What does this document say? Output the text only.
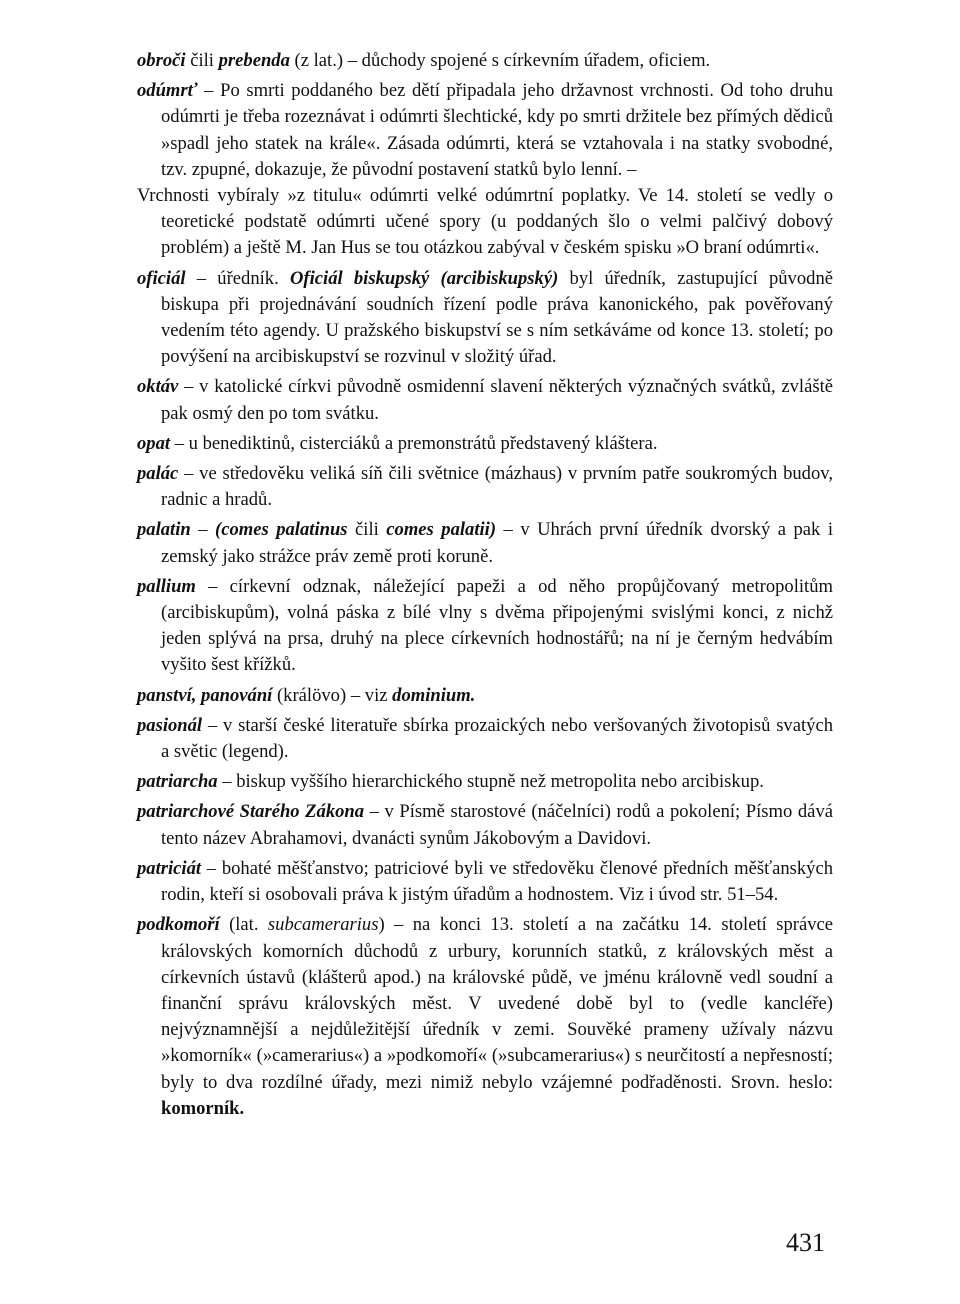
obroči čili prebenda (z lat.) – důchody spojené s církevním úřadem, oficiem.

odúmrť – Po smrti poddaného bez dětí připadala jeho državnost vrchnosti. Od toho druhu odúmrti je třeba rozeznávat i odúmrti šlechtické, kdy po smrti držitele bez přímých dědiců »spadl jeho statek na krále«. Zásada odúmrti, která se vztahovala i na statky svobodné, tzv. zpupné, dokazuje, že původní postavení statků bylo lenní. –

Vrchnosti vybíraly »z titulu« odúmrti velké odúmrtní poplatky. Ve 14. století se vedly o teoretické podstatě odúmrti učené spory (u poddaných šlo o velmi palčivý dobový problém) a ještě M. Jan Hus se tou otázkou zabýval v českém spisku »O braní odúmrti«.

oficiál – úředník. Oficiál biskupský (arcibiskupský) byl úředník, zastupující původně biskupa při projednávání soudních řízení podle práva kanonického, pak pověřovaný vedením této agendy. U pražského biskupství se s ním setkáváme od konce 13. století; po povýšení na arcibiskupství se rozvinul v složitý úřad.

oktáv – v katolické církvi původně osmidenní slavení některých význačných svátků, zvláště pak osmý den po tom svátku.

opat – u benediktinů, cisterciáků a premonstrátů představený kláštera.

palác – ve středověku veliká síň čili světnice (mázhaus) v prvním patře soukromých budov, radnic a hradů.

palatin – (comes palatinus čili comes palatii) – v Uhrách první úředník dvorský a pak i zemský jako strážce práv země proti koruně.

pallium – církevní odznak, náležející papeži a od něho propůjčovaný metropolitům (arcibiskupům), volná páska z bílé vlny s dvěma připojenými svislými konci, z nichž jeden splývá na prsa, druhý na plece církevních hodnostářů; na ní je černým hedvábím vyšito šest křížků.

panství, panování (králövo) – viz dominium.

pasionál – v starší české literatuře sbírka prozaických nebo veršovaných životopisů svatých a světic (legend).

patriarcha – biskup vyššího hierarchického stupně než metropolita nebo arcibiskup.

patriarchové Starého Zákona – v Písmě starostové (náčelníci) rodů a pokolení; Písmo dává tento název Abrahamovi, dvanácti synům Jákobovým a Davidovi.

patriciát – bohaté měšťanstvo; patriciové byli ve středověku členové předních měšťanských rodin, kteří si osobovali práva k jistým úřadům a hodnostem. Viz i úvod str. 51–54.

podkomoří (lat. subcamerarius) – na konci 13. století a na začátku 14. století správce královských komorních důchodů z urbury, korunních statků, z královských měst a církevních ústavů (klášterů apod.) na královské půdě, ve jménu královně vedl soudní a finanční správu královských měst. V uvedené době byl to (vedle kancléře) nejvýznamnější a nejdůležitější úředník v zemi. Souvěké prameny užívaly názvu »komorník« (»camerarius«) a »podkomoří« (»subcamerarius«) s neurčitostí a nepřesností; byly to dva rozdílné úřady, mezi nimiž nebylo vzájemné podřaděnosti. Srovn. heslo: komorník.

431
